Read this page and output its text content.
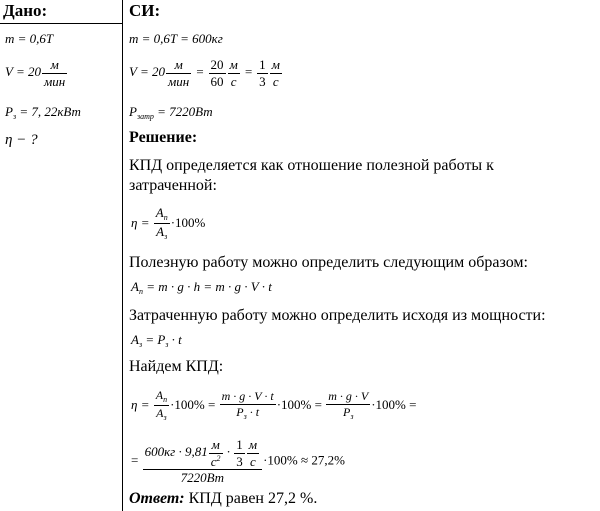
Дано:	СИ:
m = 0,6T
$V = 20 \frac{м}{\text{мин}}$
$P_з = 7$, 22кВт
η − ?
m = 0,6T = 600кг
$V = 20 \frac{м}{\text{мин}} = \frac{20}{60} \frac{м}{с} = \frac{1}{3} \frac{м}{с}$
$P_{затр} = 7220Вт$
Решение:
КПД определяется как отношение полезной работы к
затраченной:
$\eta = \frac{A_п}{A_з} \cdot 100\%$
Полезную работу можно определить следующим образом:
$A_п = m \cdot g \cdot h = m \cdot g \cdot V \cdot t$
Затраченную работу можно определить исходя из мощности:
$A_з = P_з \cdot t$
Найдем КПД:
$\eta = \frac{A_п}{A_з} \cdot 100\% = \frac{m \cdot g \cdot V \cdot t}{P_з \cdot t} \cdot 100\% = \frac{m \cdot g \cdot V}{P_з} \cdot 100\%$ =
= $\frac{600кг \cdot 9,81 \frac{м}{с^2} \cdot \frac{1}{3} \frac{м}{с}}{7220Вт} \cdot 100\% \approx 27,2\%$
Ответ: КПД равен 27,2 %.
